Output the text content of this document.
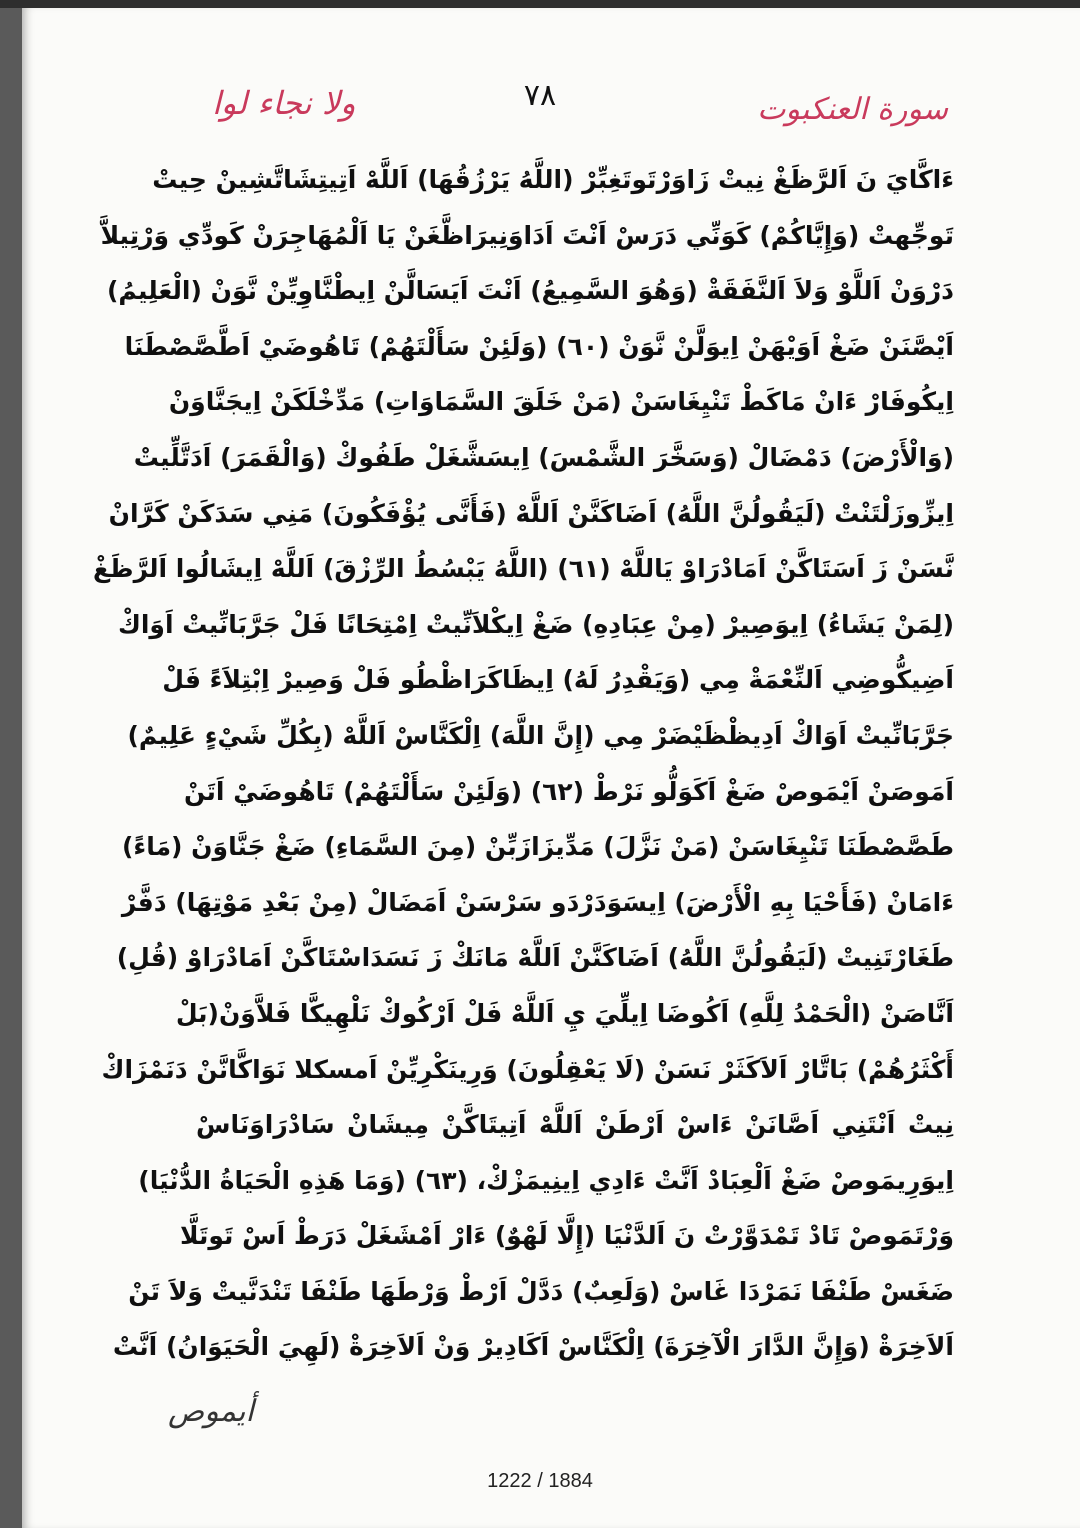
سورة العنكبوت
٧٨
ولا نجاء لوا
ءَاكَّايَ نَ اَلرَّظَغْ نِيتْ زَاوَرْتَوتَغِبِّرْ (اللَّهُ يَرْزُقُهَا) اَللَّهْ اَتِيتِشَاتَّشِينْ حِيتْ
تَوجِّهتْ (وَإِيَّاكُمْ) كَوَنِّي دَرَسْ اَنْتَ اَدَاوَنِيرَاظَّغَنْ يَا اَلْمُهَاجِرَنْ كَودِّي وَرْتِيلاَّ
دَرْوَنْ اَللَّوْ وَلاَ اَلنَّفَقَةْ (وَهُوَ السَّمِيعُ) اَنْتَ اَيَسَالَّنْ اِيطْنَّاوِيِّنْ نَّوَنْ (الْعَلِيمُ)
اَيْصَّنَنْ ضَغْ اَوَيْهَنْ اِيوَلَّنْ نَّوَنْ (٦٠) (وَلَئِنْ سَأَلْتَهُمْ) تَاهُوضَيْ اَطَّصَّصْطَنَا
اِيكُوفَارْ ءَانْ مَاكَطْ تَنْيِغَاسَنْ (مَنْ خَلَقَ السَّمَاوَاتِ) مَدِّخْلَكَنْ اِيجَنَّاوَنْ
(وَالْأَرْضَ) دَمْضَالْ (وَسَخَّرَ الشَّمْسَ) اِيسَشَّغَلْ طَفُوكْ (وَالْقَمَرَ) اَدَتَّلِّيتْ
اِيزِّوزَلْتَنْتْ (لَيَقُولُنَّ اللَّهُ) اَضَاكَنَّنْ اَللَّهْ (فَأَنَّى يُؤْفَكُونَ) مَنِي سَدَكَنْ كَرَّانْ
نَّسَنْ زَ اَسَتَاكَّنْ اَمَادْرَاوْ يَاللَّهْ (٦١) (اللَّهُ يَبْسُطُ الرِّزْقَ) اَللَّهْ اِيشَالُوا اَلرَّظَغْ
(لِمَنْ يَشَاءُ) اِيوَصِيرْ (مِنْ عِبَادِهِ) ضَغْ اِيكْلاَنِّيتْ اِمْتِحَانًا فَلْ جَرَّبَانِّيتْ اَوَاكْ
اَضِيكُّوضِي اَلنِّعْمَةْ مِي (وَيَقْدِرُ لَهُ) اِيظَاكَرَاظْطُو فَلْ وَصِيرْ اِبْتِلاَءً فَلْ
جَرَّبَانِّيتْ اَوَاكْ اَدِيظْظَيْضَرْ مِي (إِنَّ اللَّهَ) اِلْكَنَّاسْ اَللَّهْ (بِكُلِّ شَيْءٍ عَلِيمٌ)
اَمَوصَنْ اَيْمَوصْ ضَغْ اَكَوَلُّو نَرْطْ (٦٢) (وَلَئِنْ سَأَلْتَهُمْ) تَاهُوضَيْ اَتَنْ
طَصَّصْطَنَا تَنْيِغَاسَنْ (مَنْ نَزَّلَ) مَدِّيزَازَبِّنْ (مِنَ السَّمَاءِ) ضَغْ جَنَّاوَنْ (مَاءً)
ءَامَانْ (فَأَحْيَا بِهِ الْأَرْضَ) اِيسَوَدَرْدَو سَرْسَنْ اَمَضَالْ (مِنْ بَعْدِ مَوْتِهَا) دَفَّرْ
طَغَارْتَنِيتْ (لَيَقُولُنَّ اللَّهُ) اَضَاكَنَّنْ اَللَّهْ مَانَكْ زَ نَسَدَاسْتَاكَّنْ اَمَادْرَاوْ (قُلِ)
اَنَّاصَنْ (الْحَمْدُ لِلَّهِ) اَكُوضَا اِيلِّيَ يِ اَللَّهْ فَلْ اَرْكُوكْ نَلْهِيكَّا فَلاَّوَنْ(بَلْ
أَكْثَرُهُمْ) بَاتَّارْ اَلاَكَثَرْ نَسَنْ (لَا يَعْقِلُونَ) وَرِينَكْرِيِّنْ اَمسكلا نَوَاكَّانَّنْ دَنَمْزَاكْ
نِيتْ اَنْتَنِي اَصَّانَنْ ءَاسْ اَرْطَنْ اَللَّهْ اَتِيتَاكَّنْ مِيشَانْ سَادْرَاوَنَاسْ
اِيوَرِيمَوصْ ضَغْ اَلْعِبَادْ اَنَّتْ ءَادِي اِينِيمَزْكْ، (٦٣) (وَمَا هَذِهِ الْحَيَاةُ الدُّنْيَا)
وَرْتَمَوصْ تَادْ تَمْدَوَّرْتْ نَ اَلدَّنْيَا (إِلَّا لَهْوٌ) ءَارْ اَمْشَغَلْ دَرَطْ اَسْ تَوتَلَّا
ضَغَسْ طَنْفَا نَمَرْدَا غَاسْ (وَلَعِبٌ) دَدَّلْ اَرْطْ وَرْطَهَا طَنْفَا تَنْدَنَّيتْ وَلاَ تَنْ
اَلاَخِرَةْ (وَإِنَّ الدَّارَ الْآخِرَةَ) اِلْكَنَّاسْ اَكَادِيرْ وَنْ اَلاَخِرَةْ (لَهِيَ الْحَيَوَانُ) اَنَّتْ
أيموص
1222 / 1884
